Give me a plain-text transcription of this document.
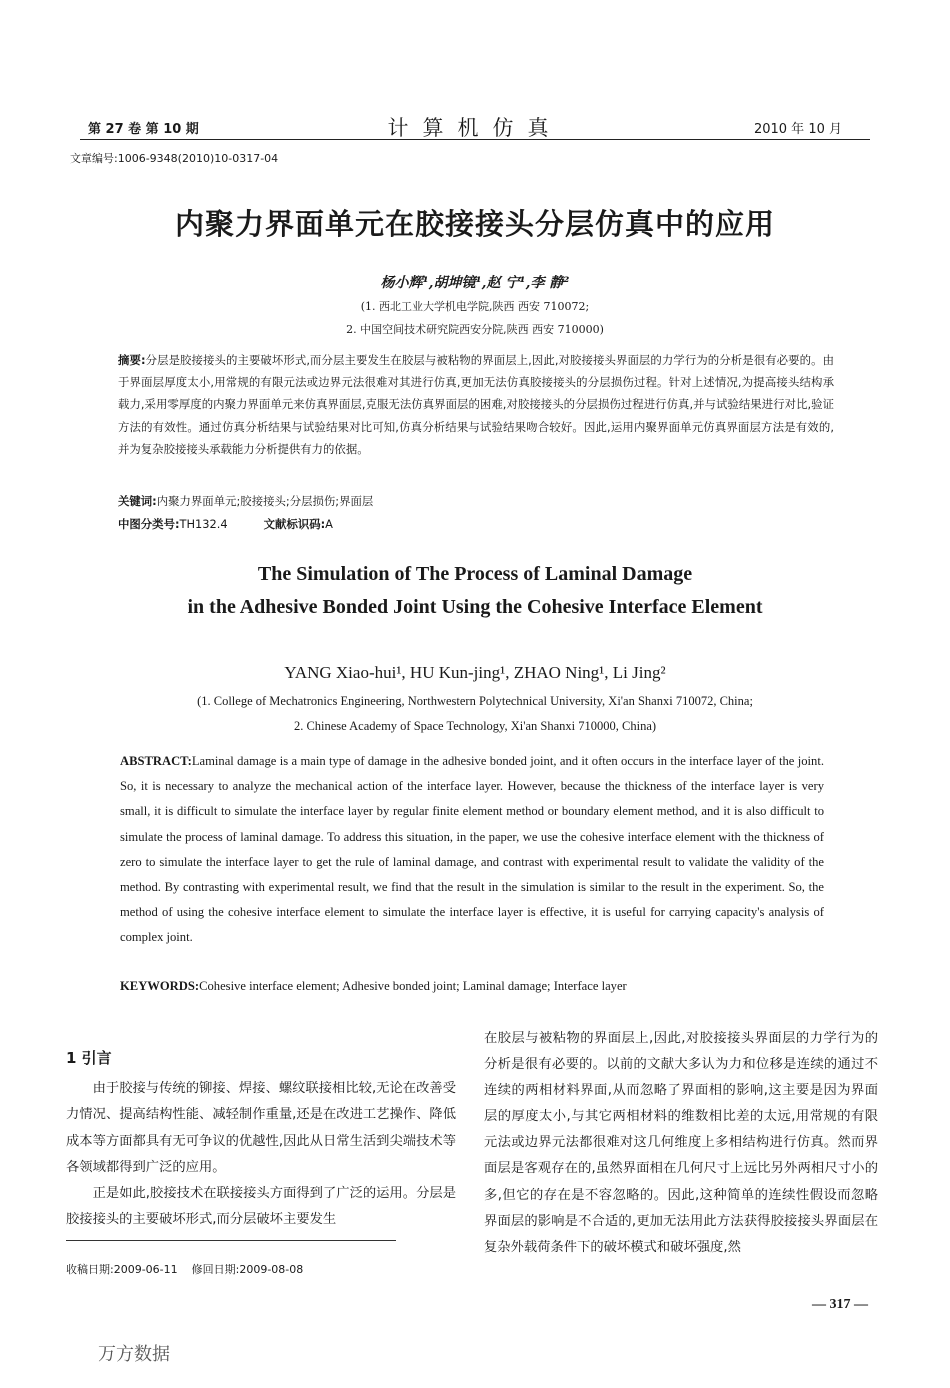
第 27 卷 第 10 期	计算机仿真	2010 年 10 月
文章编号:1006-9348(2010)10-0317-04
内聚力界面单元在胶接接头分层仿真中的应用
杨小辉¹,胡坤镜¹,赵 宁¹,李 静²
(1. 西北工业大学机电学院,陕西 西安 710072;
2. 中国空间技术研究院西安分院,陕西 西安 710000)
摘要:分层是胶接接头的主要破坏形式,而分层主要发生在胶层与被粘物的界面层上,因此,对胶接接头界面层的力学行为的分析是很有必要的。由于界面层厚度太小,用常规的有限元法或边界元法很难对其进行仿真,更加无法仿真胶接接头的分层损伤过程。针对上述情况,为提高接头结构承载力,采用零厚度的内聚力界面单元来仿真界面层,克服无法仿真界面层的困难,对胶接接头的分层损伤过程进行仿真,并与试验结果进行对比,验证方法的有效性。通过仿真分析结果与试验结果对比可知,仿真分析结果与试验结果吻合较好。因此,运用内聚界面单元仿真界面层方法是有效的,并为复杂胶接接头承载能力分析提供有力的依据。
关键词:内聚力界面单元;胶接接头;分层损伤;界面层
中图分类号:TH132.4	文献标识码:A
The Simulation of The Process of Laminal Damage
in the Adhesive Bonded Joint Using the Cohesive Interface Element
YANG Xiao-hui¹, HU Kun-jing¹, ZHAO Ning¹, Li Jing²
(1. College of Mechatronics Engineering, Northwestern Polytechnical University, Xi'an Shanxi 710072, China;
2. Chinese Academy of Space Technology, Xi'an Shanxi 710000, China)
ABSTRACT:Laminal damage is a main type of damage in the adhesive bonded joint, and it often occurs in the interface layer of the joint. So, it is necessary to analyze the mechanical action of the interface layer. However, because the thickness of the interface layer is very small, it is difficult to simulate the interface layer by regular finite element method or boundary element method, and it is also difficult to simulate the process of laminal damage. To address this situation, in the paper, we use the cohesive interface element with the thickness of zero to simulate the interface layer to get the rule of laminal damage, and contrast with experimental result to validate the validity of the method. By contrasting with experimental result, we find that the result in the simulation is similar to the result in the experiment. So, the method of using the cohesive interface element to simulate the interface layer is effective, it is useful for carrying capacity's analysis of complex joint.
KEYWORDS:Cohesive interface element; Adhesive bonded joint; Laminal damage; Interface layer
1 引言

由于胶接与传统的铆接、焊接、螺纹联接相比较,无论在改善受力情况、提高结构性能、减轻制作重量,还是在改进工艺操作、降低成本等方面都具有无可争议的优越性,因此从日常生活到尖端技术等各领域都得到广泛的应用。

正是如此,胶接技术在联接接头方面得到了广泛的运用。分层是胶接接头的主要破坏形式,而分层破坏主要发生

在胶层与被粘物的界面层上,因此,对胶接接头界面层的力学行为的分析是很有必要的。以前的文献大多认为力和位移是连续的通过不连续的两相材料界面,从而忽略了界面相的影响,这主要是因为界面层的厚度太小,与其它两相材料的维数相比差的太远,用常规的有限元法或边界元法都很难对这几何维度上多相结构进行仿真。然而界面层是客观存在的,虽然界面相在几何尺寸上远比另外两相尺寸小的多,但它的存在是不容忽略的。因此,这种简单的连续性假设而忽略界面层的影响是不合适的,更加无法用此方法获得胶接接头界面层在复杂外载荷条件下的破坏模式和破坏强度,然
收稿日期:2009-06-11 修回日期:2009-08-08
— 317 —
万方数据
